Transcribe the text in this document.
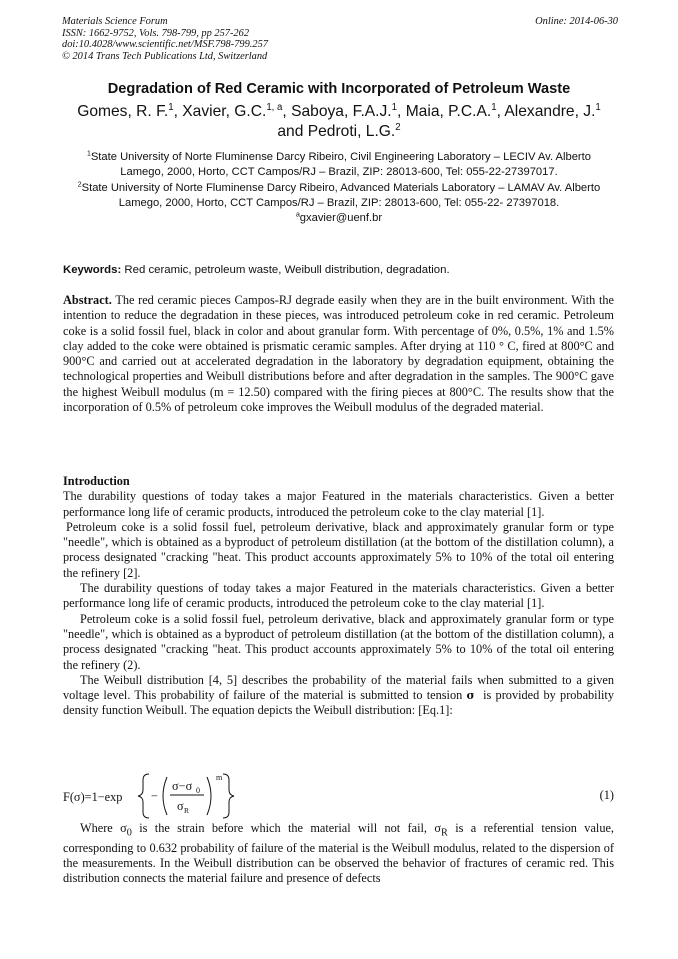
Materials Science Forum
ISSN: 1662-9752, Vols. 798-799, pp 257-262
doi:10.4028/www.scientific.net/MSF.798-799.257
© 2014 Trans Tech Publications Ltd, Switzerland
Online: 2014-06-30
Degradation of Red Ceramic with Incorporated of Petroleum Waste
Gomes, R. F.$^1$, Xavier, G.C.$^{1, a}$, Saboya, F.A.J.$^1$, Maia, P.C.A.$^1$, Alexandre, J.$^1$
and Pedroti, L.G.$^2$

$^1$State University of Norte Fluminense Darcy Ribeiro, Civil Engineering Laboratory – LECIV Av. Alberto Lamego, 2000, Horto, CCT Campos/RJ – Brazil, ZIP: 28013-600, Tel: 055-22-27397017.

$^2$State University of Norte Fluminense Darcy Ribeiro, Advanced Materials Laboratory – LAMAV Av. Alberto Lamego, 2000, Horto, CCT Campos/RJ – Brazil, ZIP: 28013-600, Tel: 055-22- 27397018.

$^a$gxavier@uenf.br

Keywords: Red ceramic, petroleum waste, Weibull distribution, degradation.

Abstract. The red ceramic pieces Campos-RJ degrade easily when they are in the built environment. With the intention to reduce the degradation in these pieces, was introduced petroleum coke in red ceramic. Petroleum coke is a solid fossil fuel, black in color and about granular form. With percentage of 0%, 0.5%, 1% and 1.5% clay added to the coke were obtained is prismatic ceramic samples. After drying at 110 ° C, fired at 800°C and 900°C and carried out at accelerated degradation in the laboratory by degradation equipment, obtaining the technological properties and Weibull distributions before and after degradation in the samples. The 900°C gave the highest Weibull modulus (m = 12.50) compared with the firing pieces at 800°C. The results show that the incorporation of 0.5% of petroleum coke improves the Weibull modulus of the degraded material.

Introduction

The durability questions of today takes a major Featured in the materials characteristics. Given a better performance long life of ceramic products, introduced the petroleum coke to the clay material [1].

Petroleum coke is a solid fossil fuel, petroleum derivative, black and approximately granular form or type "needle", which is obtained as a byproduct of petroleum distillation (at the bottom of the distillation column), a process designated "cracking "heat. This product accounts approximately 5% to 10% of the total oil entering the refinery [2].

The durability questions of today takes a major Featured in the materials characteristics. Given a better performance long life of ceramic products, introduced the petroleum coke to the clay material [1].

Petroleum coke is a solid fossil fuel, petroleum derivative, black and approximately granular form or type "needle", which is obtained as a byproduct of petroleum distillation (at the bottom of the distillation column), a process designated "cracking "heat. This product accounts approximately 5% to 10% of the total oil entering the refinery (2).

The Weibull distribution [4, 5] describes the probability of the material fails when submitted to a given voltage level. This probability of failure of the material is submitted to tension σ is provided by probability density function Weibull. The equation depicts the Weibull distribution: [Eq.1]:

F(σ)=1−exp −
σ−σ 0
σ R
m
(1)

Where $\sigma_0$ is the strain before which the material will not fail, $\sigma_R$ is a referential tension value, corresponding to 0.632 probability of failure of the material is the Weibull modulus, related to the dispersion of the measurements. In the Weibull distribution can be observed the behavior of fractures of ceramic red. This distribution connects the material failure and presence of defects
